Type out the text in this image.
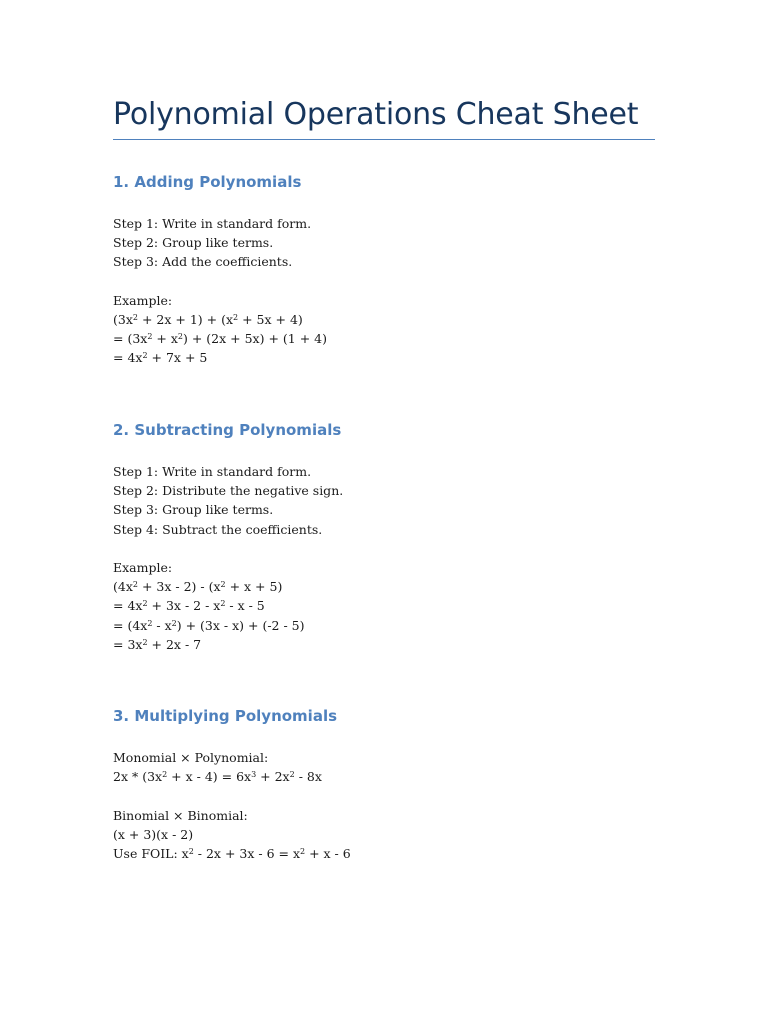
Polynomial Operations Cheat Sheet
1. Adding Polynomials
Step 1: Write in standard form.
Step 2: Group like terms.
Step 3: Add the coefficients.
Example:
$(3x^2 + 2x + 1) + (x^2 + 5x + 4)$
= $(3x^2 + x^2) + (2x + 5x) + (1 + 4)$
= $4x^2 + 7x + 5$
2. Subtracting Polynomials
Step 1: Write in standard form.
Step 2: Distribute the negative sign.
Step 3: Group like terms.
Step 4: Subtract the coefficients.
Example:
$(4x^2 + 3x - 2) - (x^2 + x + 5)$
= $4x^2 + 3x - 2 - x^2 - x - 5$
= $(4x^2 - x^2) + (3x - x) + (-2 - 5)$
= $3x^2 + 2x - 7$
3. Multiplying Polynomials
Monomial × Polynomial:
$2x * (3x^2 + x - 4) = 6x^3 + 2x^2 - 8x$
Binomial × Binomial:
(x + 3)(x - 2)
Use FOIL: $x^2 - 2x + 3x - 6 = x^2 + x - 6$
